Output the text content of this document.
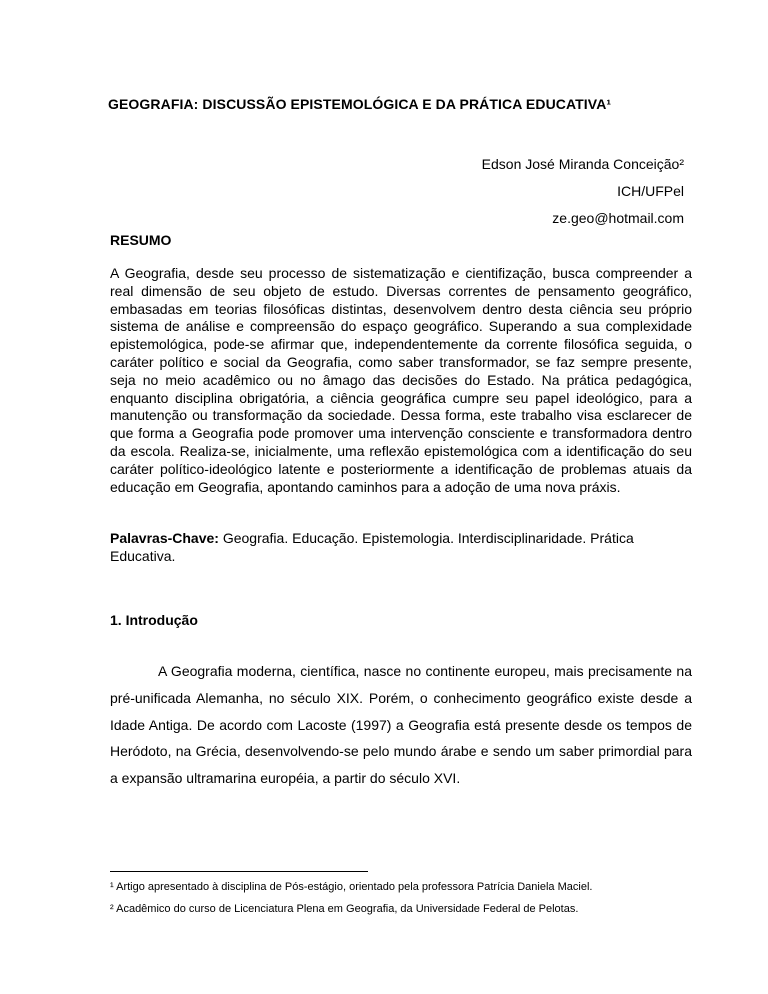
GEOGRAFIA: DISCUSSÃO EPISTEMOLÓGICA E DA PRÁTICA EDUCATIVA¹
Edson José Miranda Conceição²
ICH/UFPel
ze.geo@hotmail.com
RESUMO

A Geografia, desde seu processo de sistematização e cientifização, busca compreender a real dimensão de seu objeto de estudo. Diversas correntes de pensamento geográfico, embasadas em teorias filosóficas distintas, desenvolvem dentro desta ciência seu próprio sistema de análise e compreensão do espaço geográfico. Superando a sua complexidade epistemológica, pode-se afirmar que, independentemente da corrente filosófica seguida, o caráter político e social da Geografia, como saber transformador, se faz sempre presente, seja no meio acadêmico ou no âmago das decisões do Estado. Na prática pedagógica, enquanto disciplina obrigatória, a ciência geográfica cumpre seu papel ideológico, para a manutenção ou transformação da sociedade. Dessa forma, este trabalho visa esclarecer de que forma a Geografia pode promover uma intervenção consciente e transformadora dentro da escola. Realiza-se, inicialmente, uma reflexão epistemológica com a identificação do seu caráter político-ideológico latente e posteriormente a identificação de problemas atuais da educação em Geografia, apontando caminhos para a adoção de uma nova práxis.

Palavras-Chave: Geografia. Educação. Epistemologia. Interdisciplinaridade. Prática Educativa.

1. Introdução

A Geografia moderna, científica, nasce no continente europeu, mais precisamente na pré-unificada Alemanha, no século XIX. Porém, o conhecimento geográfico existe desde a Idade Antiga. De acordo com Lacoste (1997) a Geografia está presente desde os tempos de Heródoto, na Grécia, desenvolvendo-se pelo mundo árabe e sendo um saber primordial para a expansão ultramarina européia, a partir do século XVI.

¹ Artigo apresentado à disciplina de Pós-estágio, orientado pela professora Patrícia Daniela Maciel.
² Acadêmico do curso de Licenciatura Plena em Geografia, da Universidade Federal de Pelotas.
